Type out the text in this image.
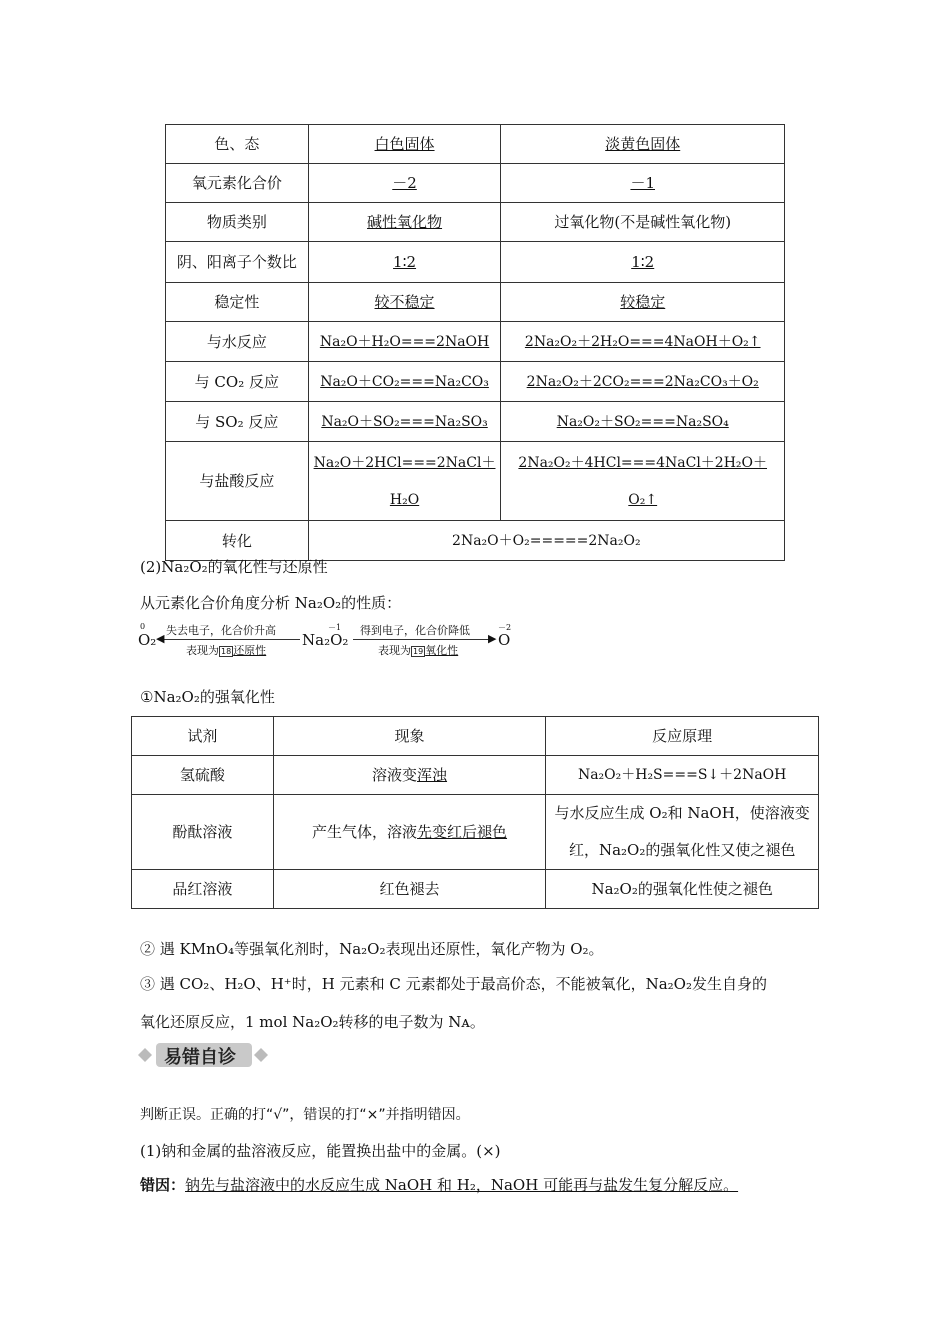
色、态	白色固体	淡黄色固体
氧元素化合价	－2	－1
物质类别	碱性氧化物	过氧化物(不是碱性氧化物)
阴、阳离子个数比	1∶2	1∶2
稳定性	较不稳定	较稳定
与水反应	Na₂O＋H₂O===2NaOH	2Na₂O₂＋2H₂O===4NaOH＋O₂↑
与 CO₂ 反应	Na₂O＋CO₂===Na₂CO₃	2Na₂O₂＋2CO₂===2Na₂CO₃＋O₂
与 SO₂ 反应	Na₂O＋SO₂===Na₂SO₃	Na₂O₂＋SO₂===Na₂SO₄
与盐酸反应	Na₂O＋2HCl===2NaCl＋H₂O	2Na₂O₂＋4HCl===4NaCl＋2H₂O＋O₂↑
转化	2Na₂O＋O₂=====2Na₂O₂	
(2)Na₂O₂的氧化性与还原性
从元素化合价角度分析 Na₂O₂的性质：
0
O₂
失去电子，化合价升高
◀
表现为 18 还原性
－1
Na₂O₂
得到电子，化合价降低
▶
表现为 19 氧化性
－2
O
①Na₂O₂的强氧化性
试剂	现象	反应原理
氢硫酸	溶液变浑浊	Na₂O₂＋H₂S===S↓＋2NaOH
酚酞溶液	产生气体，溶液先变红后褪色	与水反应生成 O₂和 NaOH，使溶液变红，Na₂O₂的强氧化性又使之褪色
品红溶液	红色褪去	Na₂O₂的强氧化性使之褪色
② 遇 KMnO₄等强氧化剂时，Na₂O₂表现出还原性，氧化产物为 O₂。
③ 遇 CO₂、H₂O、H⁺时，H 元素和 C 元素都处于最高价态，不能被氧化，Na₂O₂发生自身的
氧化还原反应，1 mol Na₂O₂转移的电子数为 Nᴀ。
易错自诊
判断正误。正确的打“√”，错误的打“×”并指明错因。
(1)钠和金属的盐溶液反应，能置换出盐中的金属。(×)
错因：钠先与盐溶液中的水反应生成 NaOH 和 H₂，NaOH 可能再与盐发生复分解反应。
